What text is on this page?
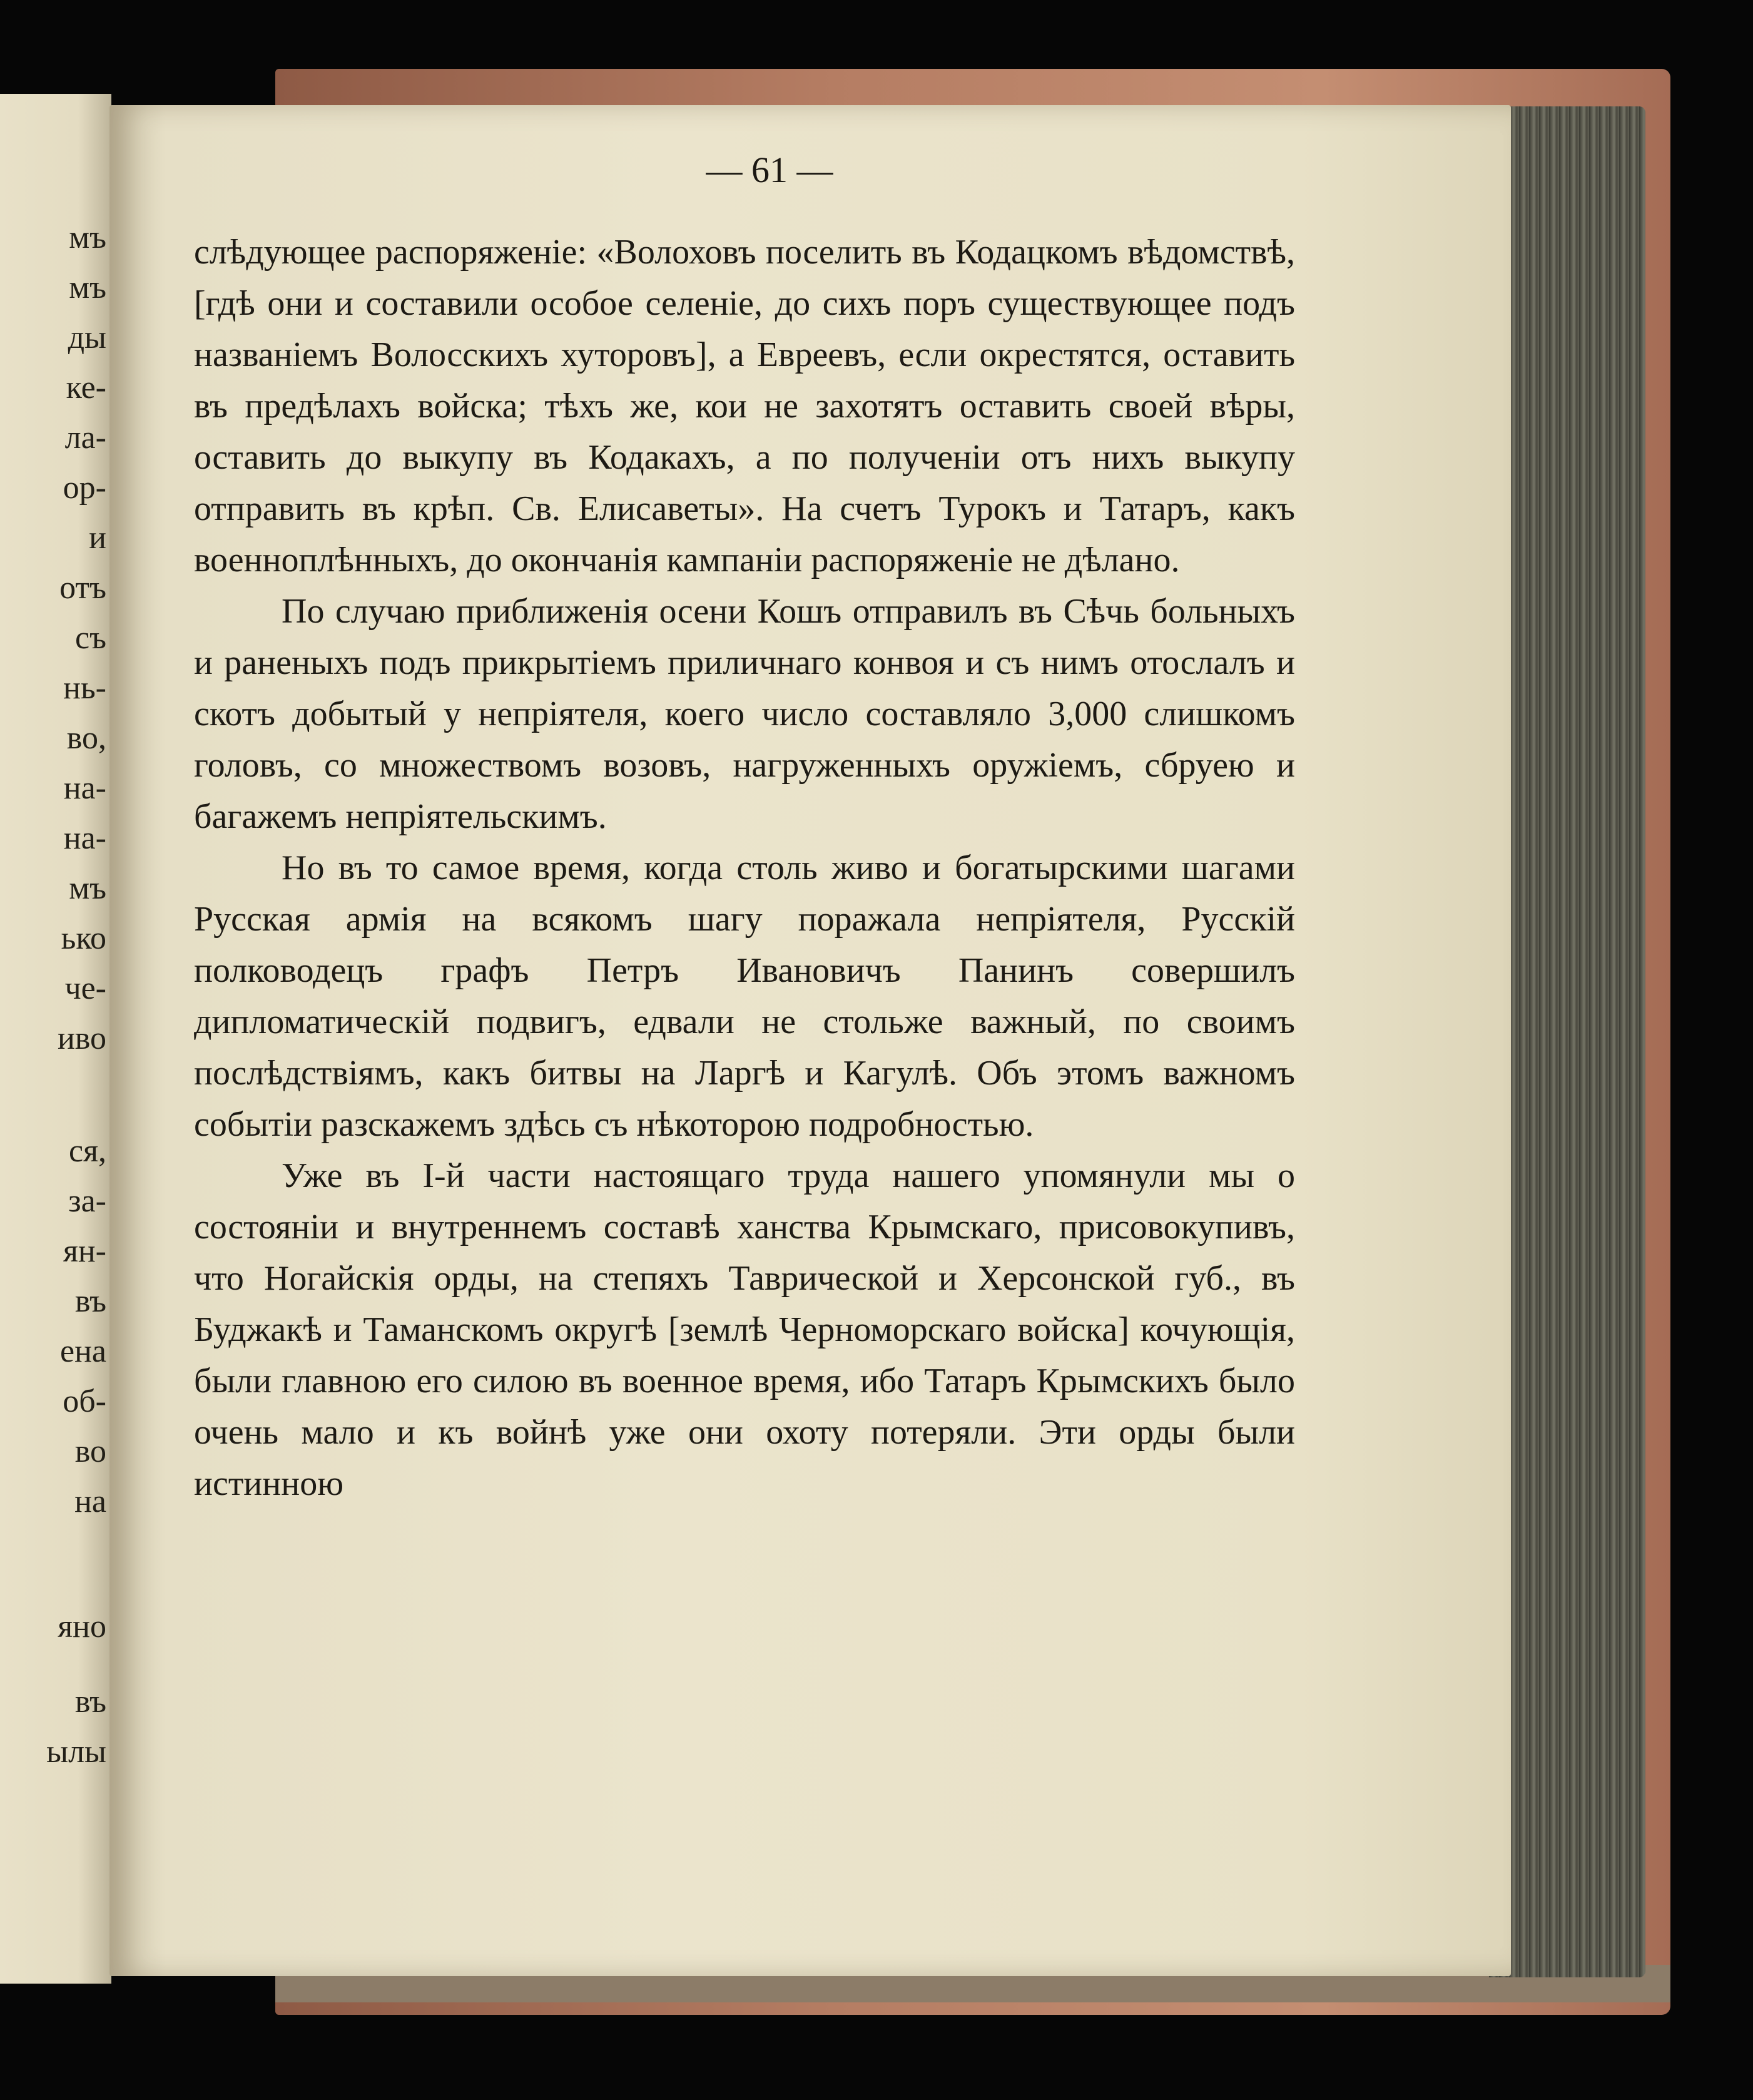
мъ
мъ
ды
ке-
ла-
ор-
и
отъ
съ
нь-
во,
на-
на-
мъ
ько
че-
иво
ся,
за-
ян-
въ
ена
об-
во
на
яно
въ
ылы
— 61 —

слѣдующее распоряженіе: «Волоховъ поселить въ Кодацкомъ вѣдомствѣ, [гдѣ они и составили особое селеніе, до сихъ поръ существующее подъ названіемъ Волосскихъ хуторовъ], а Евреевъ, если окрестятся, оставить въ предѣлахъ войска; тѣхъ же, кои не захотятъ оставить своей вѣры, оставить до выкупу въ Кодакахъ, а по полученіи отъ нихъ выкупу отправить въ крѣп. Св. Елисаветы». На счетъ Турокъ и Татаръ, какъ военноплѣнныхъ, до окончанія кампаніи распоряженіе не дѣлано.

По случаю приближенія осени Кошъ отправилъ въ Сѣчь больныхъ и раненыхъ подъ прикрытіемъ приличнаго конвоя и съ нимъ отослалъ и скотъ добытый у непріятеля, коего число составляло 3,000 слишкомъ головъ, со множествомъ возовъ, нагруженныхъ оружіемъ, сбруею и багажемъ непріятельскимъ.

Но въ то самое время, когда столь живо и богатырскими шагами Русская армія на всякомъ шагу поражала непріятеля, Русскій полководецъ графъ Петръ Ивановичъ Панинъ совершилъ дипломатическій подвигъ, едвали не стольже важный, по своимъ послѣдствіямъ, какъ битвы на Ларгѣ и Кагулѣ. Объ этомъ важномъ событіи разскажемъ здѣсь съ нѣкоторою подробностью.

Уже въ I-й части настоящаго труда нашего упомянули мы о состояніи и внутреннемъ составѣ ханства Крымскаго, присовокупивъ, что Ногайскія орды, на степяхъ Таврической и Херсонской губ., въ Буджакѣ и Таманскомъ округѣ [землѣ Черноморскаго войска] кочующія, были главною его силою въ военное время, ибо Татаръ Крымскихъ было очень мало и къ войнѣ уже они охоту потеряли. Эти орды были истинною
